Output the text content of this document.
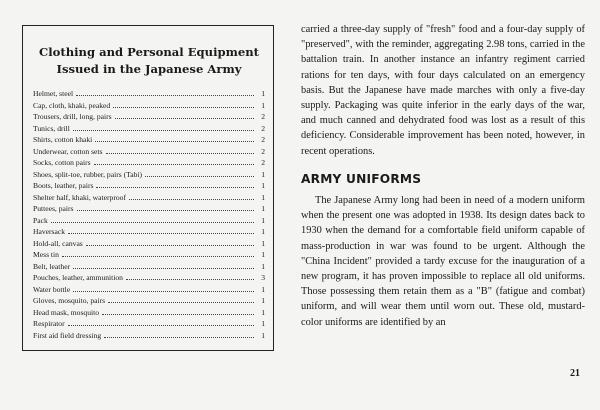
Clothing and Personal Equipment
Issued in the Japanese Army
Helmet, steel	1
Cap, cloth, khaki, peaked	1
Trousers, drill, long, pairs	2
Tunics, drill	2
Shirts, cotton khaki	2
Underwear, cotton sets	2
Socks, cotton pairs	2
Shoes, split-toe, rubber, pairs (Tabi)	1
Boots, leather, pairs	1
Shelter half, khaki, waterproof	1
Puttees, pairs	1
Pack	1
Haversack	1
Hold-all, canvas	1
Mess tin	1
Belt, leather	1
Pouches, leather, ammunition	3
Water bottle	1
Gloves, mosquito, pairs	1
Head mask, mosquito	1
Respirator	1
First aid field dressing	1

carried a three-day supply of "fresh" food and a four-day supply of "preserved", with the reminder, aggregating 2.98 tons, carried in the battalion train. In another instance an infantry regiment carried rations for ten days, with four days calculated on an emergency basis. But the Japanese have made marches with only a five-day supply. Packaging was quite inferior in the early days of the war, and much canned and dehydrated food was lost as a result of this deficiency. Considerable improvement has been noted, however, in recent operations.

ARMY UNIFORMS

The Japanese Army long had been in need of a modern uniform when the present one was adopted in 1938. Its design dates back to 1930 when the demand for a comfortable field uniform capable of mass-production in war was found to be urgent. Although the "China Incident" provided a tardy excuse for the inauguration of a new program, it has proven impossible to replace all old uniforms. Those possessing them retain them as a "B" (fatigue and combat) uniform, and will wear them until worn out. These old, mustard-color uniforms are identified by an

21
